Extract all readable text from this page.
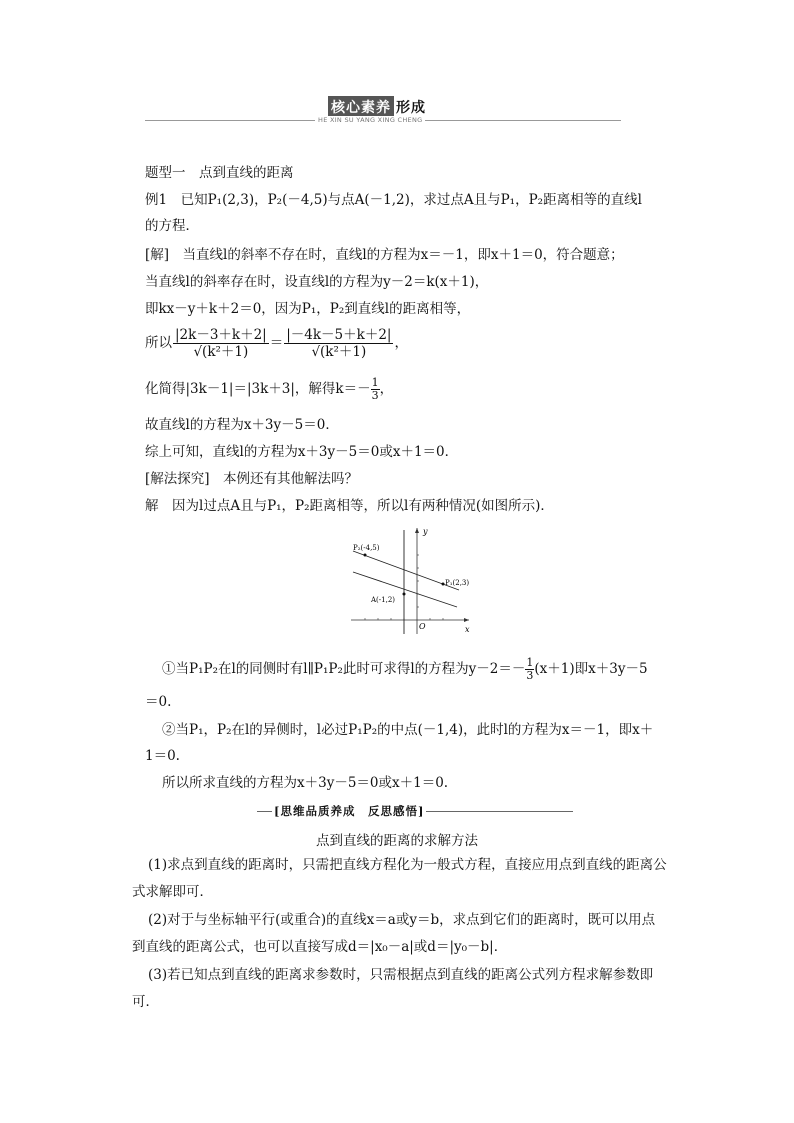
核心素养 形成
HE XIN SU YANG XING CHENG
题型一　点到直线的距离
例1　 已知P₁(2,3)，P₂(－4,5)与点A(－1,2)，求过点A且与P₁，P₂距离相等的直线l
的方程．
[解]　 当直线l的斜率不存在时，直线l的方程为x＝－1，即x＋1＝0，符合题意；
当直线l的斜率存在时，设直线l的方程为y－2＝k(x＋1)，
即kx－y＋k＋2＝0，因为P₁，P₂到直线l的距离相等，
所以 $\frac{|2k-3+k+2|}{\text{√(k²＋1)}} = \frac{|-4k-5+k+2|}{\text{√(k²＋1)}}$ ，
化简得|3k－1|＝|3k＋3|，解得$k=- \frac{1}{3}$ ，
故直线l的方程为x＋3y－5＝0．
综上可知，直线l的方程为x＋3y－5＝0或x＋1＝0．
[解法探究]　 本例还有其他解法吗？
解　 因为l过点A且与P₁，P₂距离相等，所以l有两种情况(如图所示)．
y
x
O
P₂(-4,5)
P₁(2,3)
A(-1,2)
①当P₁P₂在l的同侧时有l∥P₁P₂此时可求得l的方程为$y-2=- \frac{1}{3} (x+1)$即x＋3y－5
＝0.
②当P₁，P₂在l的异侧时，l必过P₁P₂的中点(－1,4)，此时l的方程为x＝－1，即x＋
1＝0.
所以所求直线的方程为x＋3y－5＝0或x＋1＝0.
[思维品质养成　反思感悟]
点到直线的距离的求解方法
(1)求点到直线的距离时，只需把直线方程化为一般式方程，直接应用点到直线的距离公
式求解即可．
(2)对于与坐标轴平行(或重合)的直线x＝a或y＝b，求点到它们的距离时，既可以用点
到直线的距离公式，也可以直接写成d＝|x₀－a|或d＝|y₀－b|．
(3)若已知点到直线的距离求参数时，只需根据点到直线的距离公式列方程求解参数即
可．
